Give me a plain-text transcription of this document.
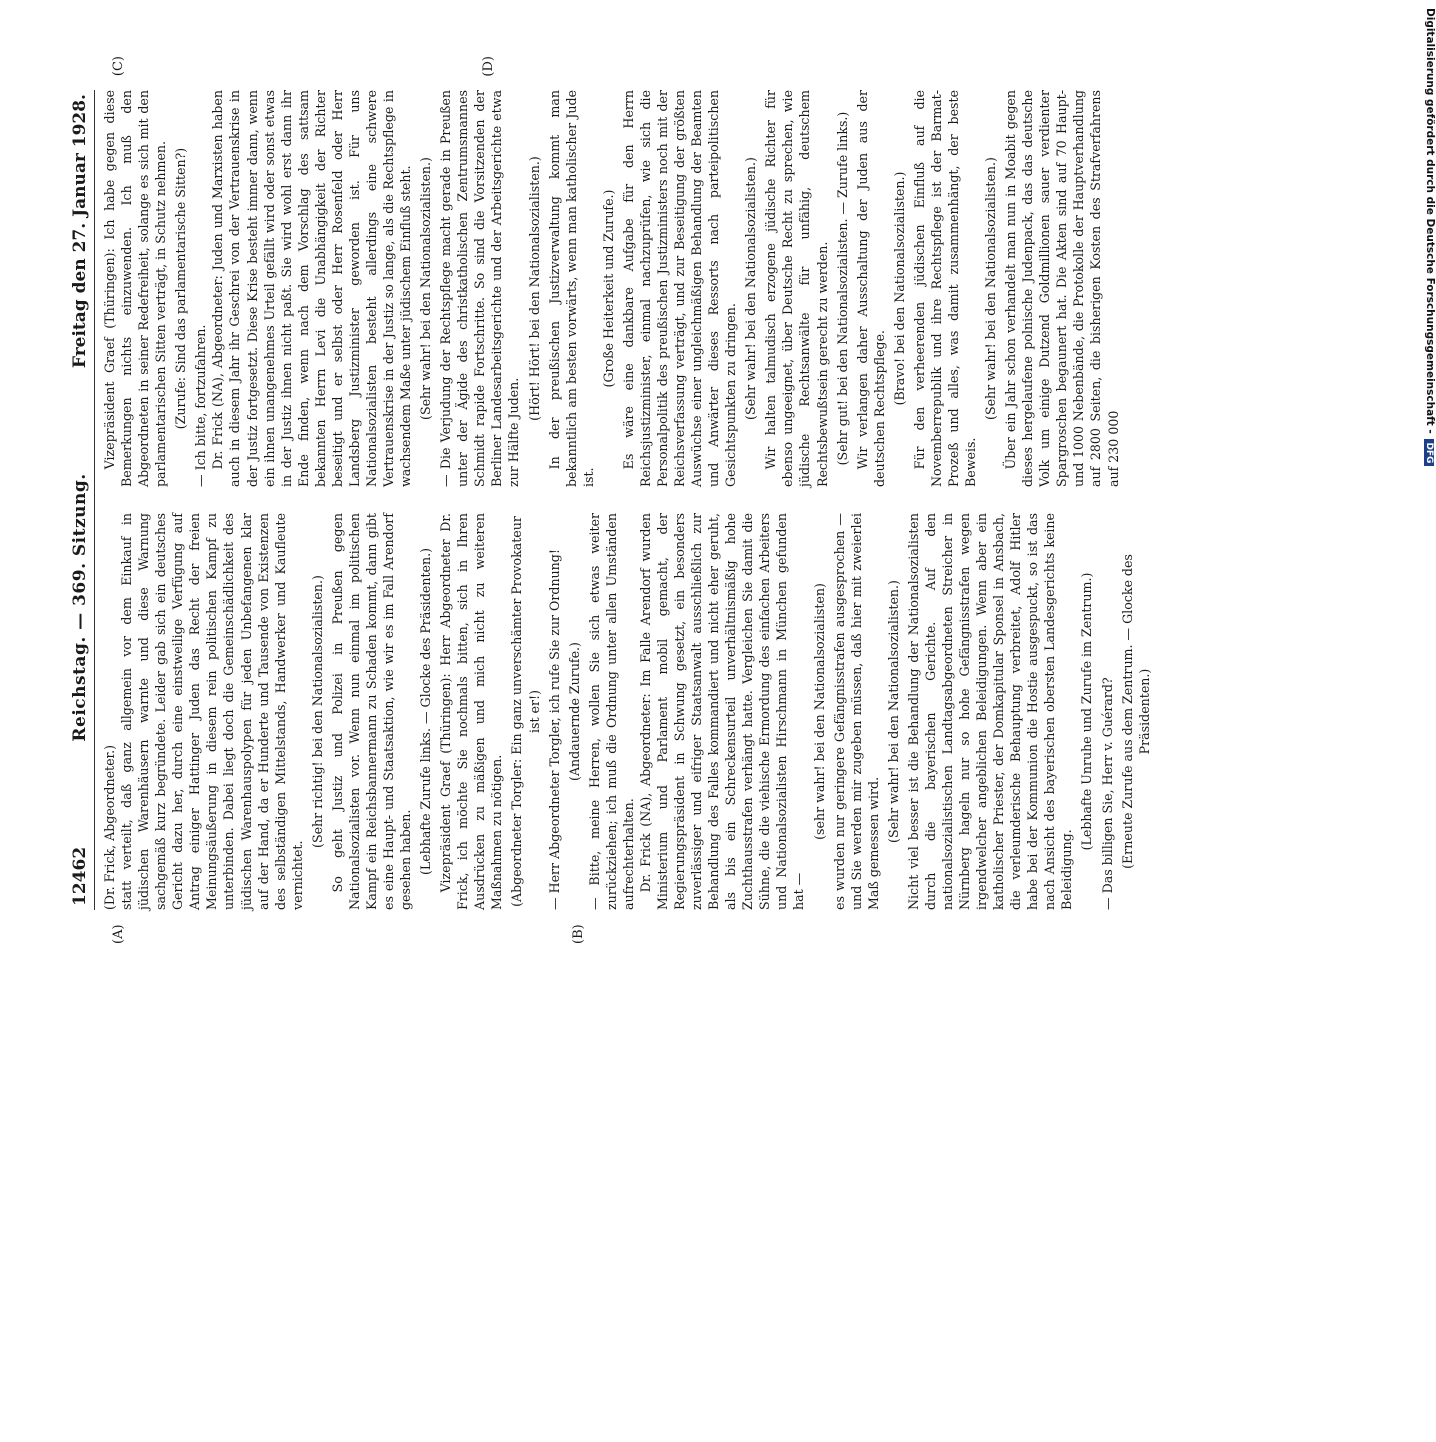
12462
Reichstag. — 369. Sitzung.
Freitag den 27. Januar 1928.
(A)	(B)
(C)	(D)

(Dr. Frick, Abgeordneter.) statt verteilt, daß ganz allgemein vor dem Einkauf in jüdischen Warenhäusern warnte und diese Warnung sachgemäß kurz begründete. Leider gab sich ein deutsches Gericht dazu her, durch eine einstweilige Verfügung auf Antrag einiger Hattinger Juden das Recht der freien Meinungsäußerung in diesem rein politischen Kampf zu unterbinden. Dabei liegt doch die Gemeinschädlichkeit des jüdischen Warenhauspolypen für jeden Unbefangenen klar auf der Hand, da er Hunderte und Tausende von Existenzen des selbständigen Mittelstands, Handwerker und Kaufleute vernichtet.

(Sehr richtig! bei den Nationalsozialisten.) So geht Justiz und Polizei in Preußen gegen Nationalsozialisten vor. Wenn nun einmal im politischen Kampf ein Reichsbannermann zu Schaden kommt, dann gibt es eine Haupt- und Staatsaktion, wie wir es im Fall Arendorf gesehen haben. (Lebhafte Zurufe links. — Glocke des Präsidenten.) Vizepräsident Graef (Thüringen): Herr Abgeordneter Dr. Frick, ich möchte Sie nochmals bitten, sich in Ihren Ausdrücken zu mäßigen und mich nicht zu weiteren Maßnahmen zu nötigen. (Abgeordneter Torgler: Ein ganz unverschämter Provokateur ist er!) — Herr Abgeordneter Torgler, ich rufe Sie zur Ordnung! (Andauernde Zurufe.) — Bitte, meine Herren, wollen Sie sich etwas weiter zurückziehen; ich muß die Ordnung unter allen Umständen aufrechterhalten. Dr. Frick (NA), Abgeordneter: Im Falle Arendorf wurden Ministerium und Parlament mobil gemacht, der Regierungspräsident in Schwung gesetzt, ein besonders zuverlässiger und eifriger Staatsanwalt ausschließlich zur Behandlung des Falles kommandiert und nicht eher geruht, als bis ein Schreckensurteil unverhältnismäßig hohe Zuchthausstrafen verhängt hatte. Vergleichen Sie damit die Sühne, die die viehische Ermordung des einfachen Arbeiters und Nationalsozialisten Hirschmann in München gefunden hat —

(sehr wahr! bei den Nationalsozialisten) es wurden nur geringere Gefängnisstrafen ausgesprochen — und Sie werden mir zugeben müssen, daß hier mit zweierlei Maß gemessen wird.

(Sehr wahr! bei den Nationalsozialisten.) Nicht viel besser ist die Behandlung der Nationalsozialisten durch die bayerischen Gerichte. Auf den nationalsozialistischen Landtagsabgeordneten Streicher in Nürnberg hageln nur so hohe Gefängnisstrafen wegen irgendwelcher angeblichen Beleidigungen. Wenn aber ein katholischer Priester, der Domkapitular Sponsel in Ansbach, die verleumderische Behauptung verbreitet, Adolf Hitler habe bei der Kommunion die Hostie ausgespuckt, so ist das nach Ansicht des bayerischen obersten Landesgerichts keine Beleidigung.

(Lebhafte Unruhe und Zurufe im Zentrum.) — Das billigen Sie, Herr v. Guérard? (Erneute Zurufe aus dem Zentrum. — Glocke des Präsidenten.)

Vizepräsident Graef (Thüringen): Ich habe gegen diese Bemerkungen nichts einzuwenden. Ich muß den Abgeordneten in seiner Redefreiheit, solange es sich mit den parlamentarischen Sitten verträgt, in Schutz nehmen. (Zurufe: Sind das parlamentarische Sitten?) — Ich bitte, fortzufahren. Dr. Frick (NA), Abgeordneter: Juden und Marxisten haben auch in diesem Jahr ihr Geschrei von der Vertrauenskrise in der Justiz fortgesetzt. Diese Krise besteht immer dann, wenn ein ihnen unangenehmes Urteil gefällt wird oder sonst etwas in der Justiz ihnen nicht paßt. Sie wird wohl erst dann ihr Ende finden, wenn nach dem Vorschlag des sattsam bekannten Herrn Levi die Unabhängigkeit der Richter beseitigt und er selbst oder Herr Rosenfeld oder Herr Landsberg Justizminister geworden ist. Für uns Nationalsozialisten besteht allerdings eine schwere Vertrauenskrise in der Justiz so lange, als die Rechtspflege in wachsendem Maße unter jüdischem Einfluß steht. (Sehr wahr! bei den Nationalsozialisten.) — Die Verjudung der Rechtspflege macht gerade in Preußen unter der Ägide des christkatholischen Zentrumsmannes Schmidt rapide Fortschritte. So sind die Vorsitzenden der Berliner Landesarbeitsgerichte und der Arbeitsgerichte etwa zur Hälfte Juden.

(Hört! Hört! bei den Nationalsozialisten.) In der preußischen Justizverwaltung kommt man bekanntlich am besten vorwärts, wenn man katholischer Jude ist.

(Große Heiterkeit und Zurufe.) Es wäre eine dankbare Aufgabe für den Herrn Reichsjustizminister, einmal nachzuprüfen, wie sich die Personalpolitik des preußischen Justizministers noch mit der Reichsverfassung verträgt, und zur Beseitigung der größten Auswüchse einer ungleichmäßigen Behandlung der Beamten und Anwärter dieses Ressorts nach parteipolitischen Gesichtspunkten zu dringen. (Sehr wahr! bei den Nationalsozialisten.) Wir halten talmudisch erzogene jüdische Richter für ebenso ungeeignet, über Deutsche Recht zu sprechen, wie jüdische Rechtsanwälte für unfähig, deutschem Rechtsbewußtsein gerecht zu werden. (Sehr gut! bei den Nationalsozialisten. — Zurufe links.) Wir verlangen daher Ausschaltung der Juden aus der deutschen Rechtspflege.

(Bravo! bei den Nationalsozialisten.) Für den verheerenden jüdischen Einfluß auf die Novemberrepublik und ihre Rechtspflege ist der Barmat-Prozeß und alles, was damit zusammenhängt, der beste Beweis.

(Sehr wahr! bei den Nationalsozialisten.) Über ein Jahr schon verhandelt man nun in Moabit gegen dieses hergelaufene polnische Judenpack, das das deutsche Volk um einige Dutzend Goldmillionen sauer verdienter Spargroschen begaunert hat. Die Akten sind auf 70 Haupt- und 1000 Nebenbände, die Protokolle der Hauptverhandlung auf 2800 Seiten, die bisherigen Kosten des Strafverfahrens auf 230 000

Digitalisierung gefördert durch die Deutsche Forschungsgemeinschaft - DFG
